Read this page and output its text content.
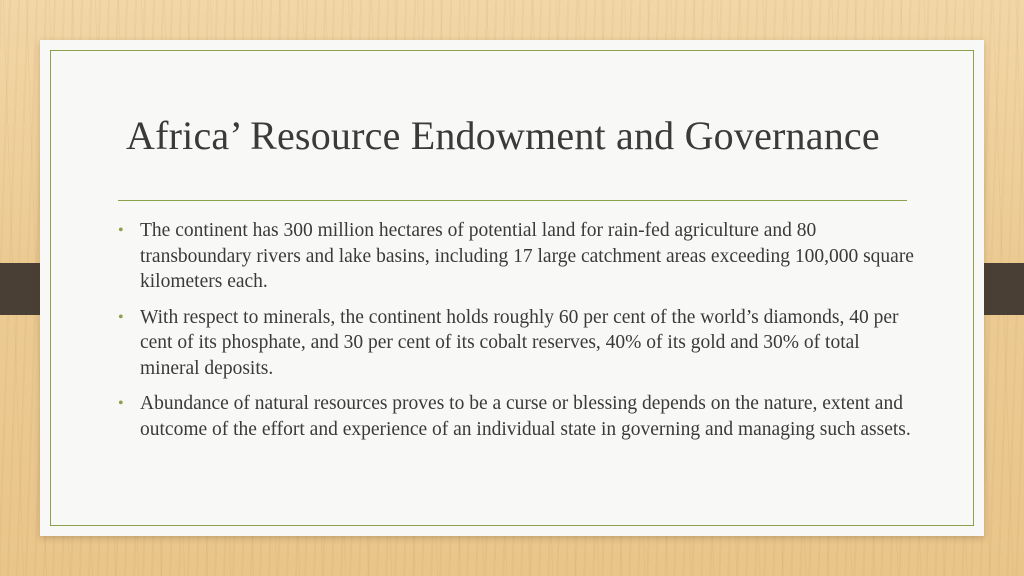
Africa’ Resource Endowment and Governance
• The continent has 300 million hectares of potential land for rain-fed agriculture and 80 transboundary rivers and lake basins, including 17 large catchment areas exceeding 100,000 square kilometers each.
• With respect to minerals, the continent holds roughly 60 per cent of the world’s diamonds, 40 per cent of its phosphate, and 30 per cent of its cobalt reserves, 40% of its gold and 30% of total mineral deposits.
• Abundance of natural resources proves to be a curse or blessing depends on the nature, extent and outcome of the effort and experience of an individual state in governing and managing such assets.
